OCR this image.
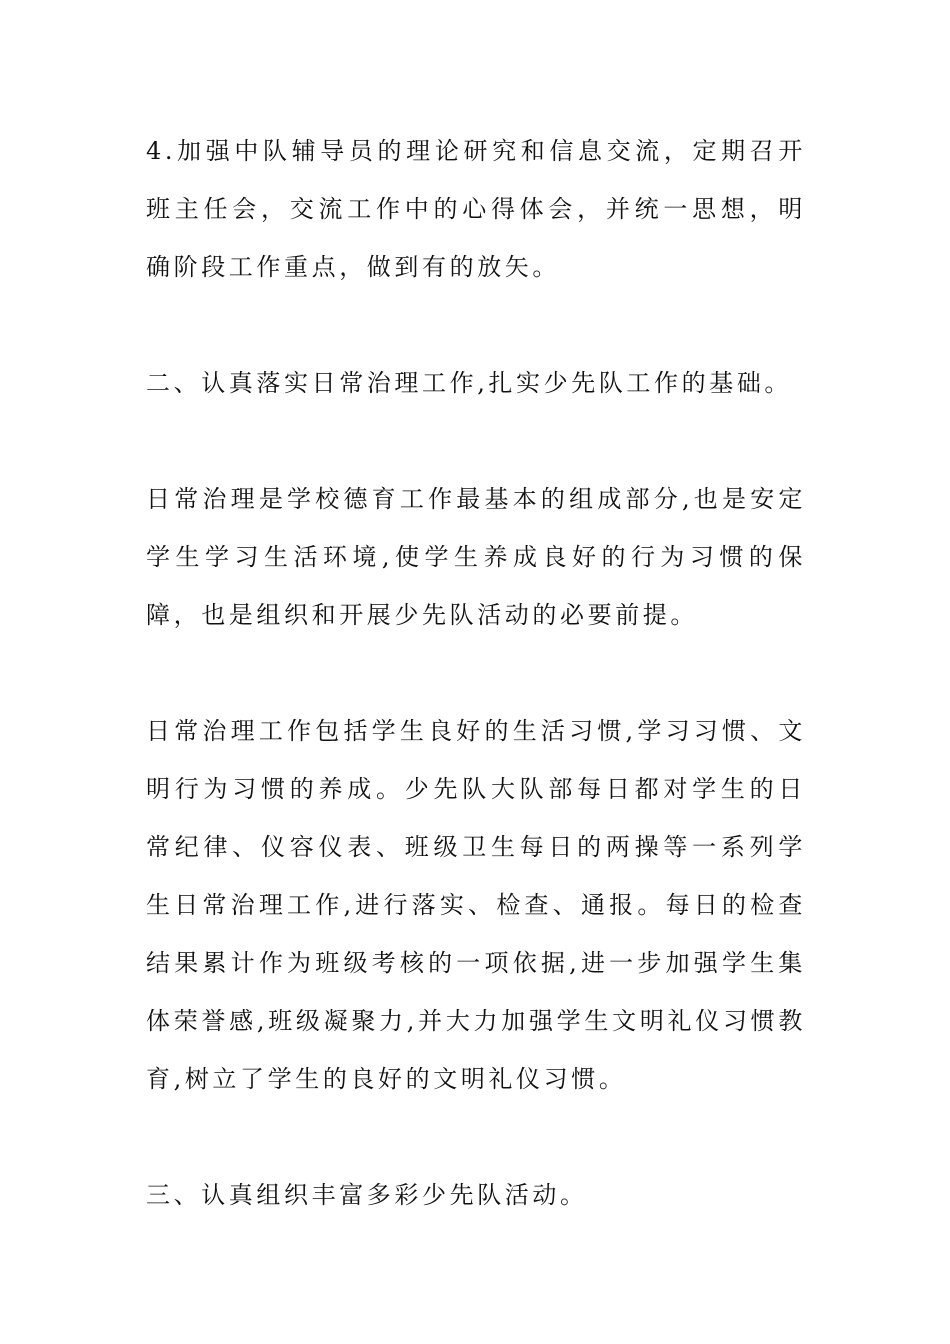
4.加强中队辅导员的理论研究和信息交流，定期召开班主任会，交流工作中的心得体会，并统一思想，明确阶段工作重点，做到有的放矢。

二、认真落实日常治理工作,扎实少先队工作的基础。

日常治理是学校德育工作最基本的组成部分,也是安定学生学习生活环境,使学生养成良好的行为习惯的保障，也是组织和开展少先队活动的必要前提。

日常治理工作包括学生良好的生活习惯,学习习惯、文明行为习惯的养成。少先队大队部每日都对学生的日常纪律、仪容仪表、班级卫生每日的两操等一系列学生日常治理工作,进行落实、检查、通报。每日的检查结果累计作为班级考核的一项依据,进一步加强学生集体荣誉感,班级凝聚力,并大力加强学生文明礼仪习惯教育,树立了学生的良好的文明礼仪习惯。

三、认真组织丰富多彩少先队活动。
